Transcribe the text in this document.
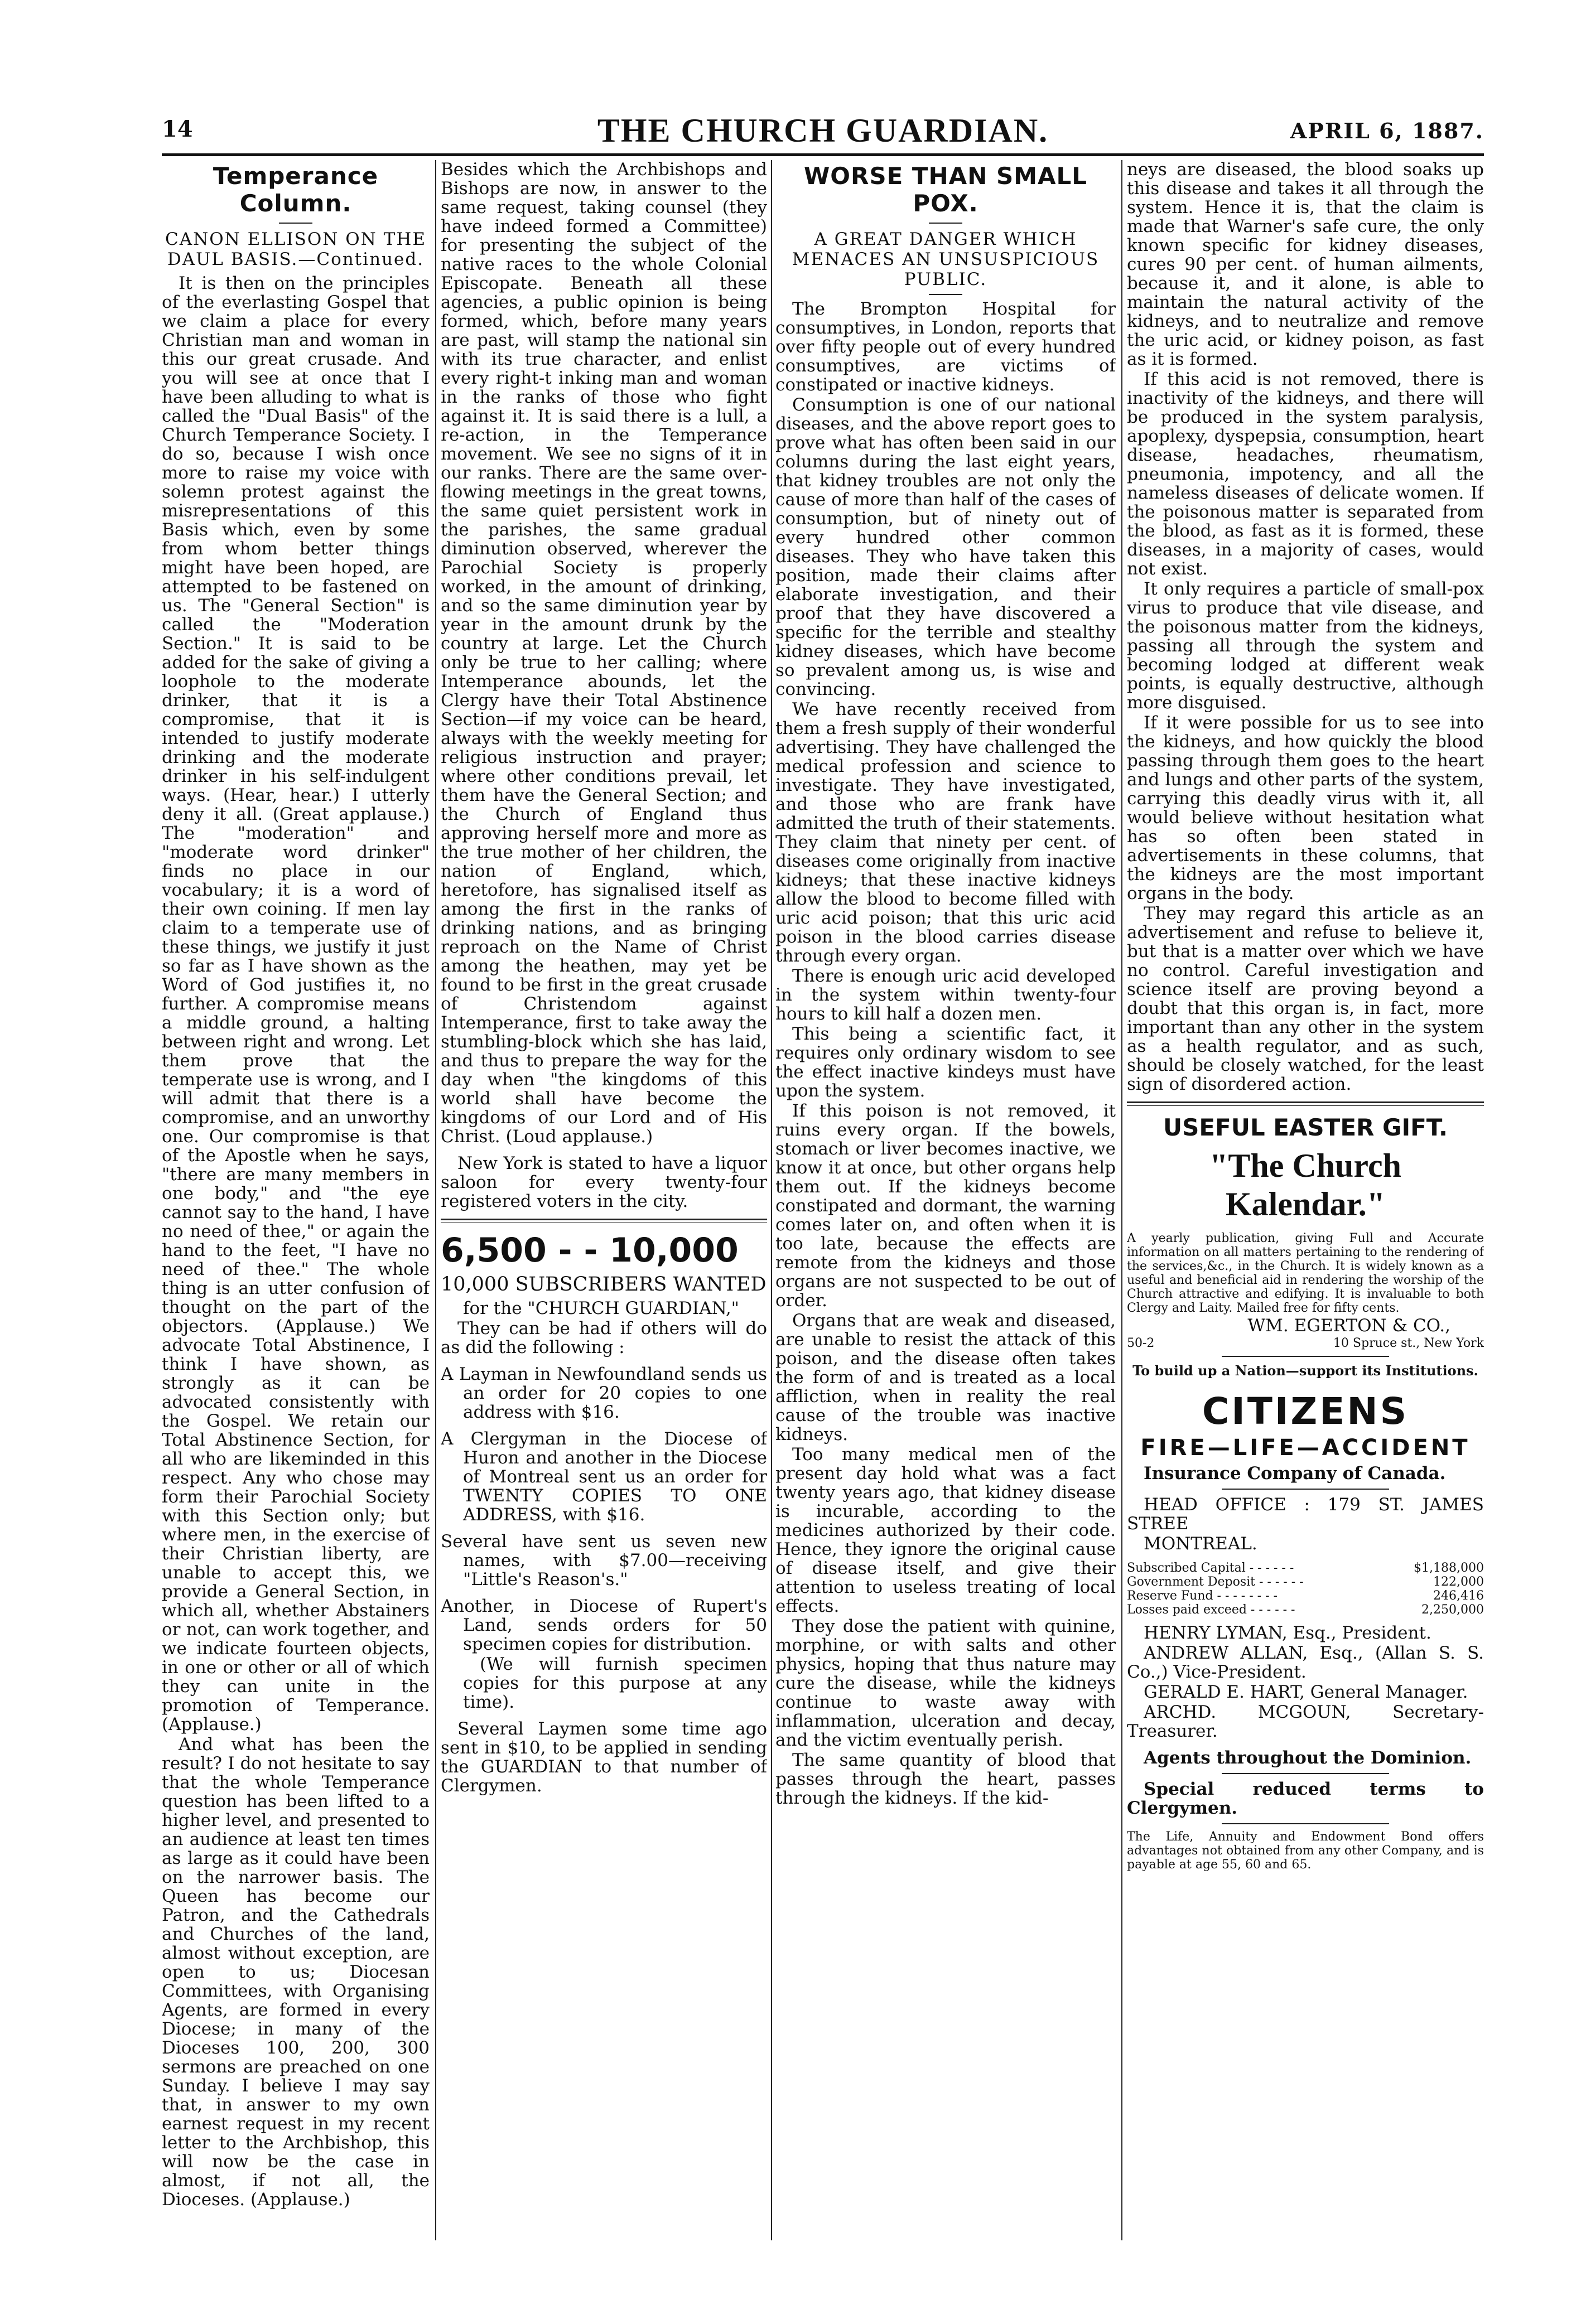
14	THE CHURCH GUARDIAN.	APRIL 6, 1887.
Temperance Column.
CANON ELLISON ON THE DAUL BASIS.—Continued.

It is then on the principles of the everlasting Gospel that we claim a place for every Christian man and woman in this our great crusade. And you will see at once that I have been alluding to what is called the "Dual Basis" of the Church Temperance Society. I do so, because I wish once more to raise my voice with solemn protest against the misrepresentations of this Basis which, even by some from whom better things might have been hoped, are attempted to be fastened on us. The "General Section" is called the "Moderation Section." It is said to be added for the sake of giving a loophole to the moderate drinker, that it is a compromise, that it is intended to justify moderate drinking and the moderate drinker in his self-indulgent ways. (Hear, hear.) I utterly deny it all. (Great applause.) The "moderation" and "moderate word drinker" finds no place in our vocabulary; it is a word of their own coining. If men lay claim to a temperate use of these things, we justify it just so far as I have shown as the Word of God justifies it, no further. A compromise means a middle ground, a halting between right and wrong. Let them prove that the temperate use is wrong, and I will admit that there is a compromise, and an unworthy one. Our compromise is that of the Apostle when he says, "there are many members in one body," and "the eye cannot say to the hand, I have no need of thee," or again the hand to the feet, "I have no need of thee." The whole thing is an utter confusion of thought on the part of the objectors. (Applause.) We advocate Total Abstinence, I think I have shown, as strongly as it can be advocated consistently with the Gospel. We retain our Total Abstinence Section, for all who are likeminded in this respect. Any who chose may form their Parochial Society with this Section only; but where men, in the exercise of their Christian liberty, are unable to accept this, we provide a General Section, in which all, whether Abstainers or not, can work together, and we indicate fourteen objects, in one or other or all of which they can unite in the promotion of Temperance. (Applause.)

And what has been the result? I do not hesitate to say that the whole Temperance question has been lifted to a higher level, and presented to an audience at least ten times as large as it could have been on the narrower basis. The Queen has become our Patron, and the Cathedrals and Churches of the land, almost without exception, are open to us; Diocesan Committees, with Organising Agents, are formed in every Diocese; in many of the Dioceses 100, 200, 300 sermons are preached on one Sunday. I believe I may say that, in answer to my own earnest request in my recent letter to the Archbishop, this will now be the case in almost, if not all, the Dioceses. (Applause.)

Besides which the Archbishops and Bishops are now, in answer to the same request, taking counsel (they have indeed formed a Committee) for presenting the subject of the native races to the whole Colonial Episcopate. Beneath all these agencies, a public opinion is being formed, which, before many years are past, will stamp the national sin with its true character, and enlist every right-t inking man and woman in the ranks of those who fight against it. It is said there is a lull, a re-action, in the Temperance movement. We see no signs of it in our ranks. There are the same over-flowing meetings in the great towns, the same quiet persistent work in the parishes, the same gradual diminution observed, wherever the Parochial Society is properly worked, in the amount of drinking, and so the same diminution year by year in the amount drunk by the country at large. Let the Church only be true to her calling; where Intemperance abounds, let the Clergy have their Total Abstinence Section—if my voice can be heard, always with the weekly meeting for religious instruction and prayer; where other conditions prevail, let them have the General Section; and the Church of England thus approving herself more and more as the true mother of her children, the nation of England, which, heretofore, has signalised itself as among the first in the ranks of drinking nations, and as bringing reproach on the Name of Christ among the heathen, may yet be found to be first in the great crusade of Christendom against Intemperance, first to take away the stumbling-block which she has laid, and thus to prepare the way for the day when "the kingdoms of this world shall have become the kingdoms of our Lord and of His Christ. (Loud applause.)

New York is stated to have a liquor saloon for every twenty-four registered voters in the city.

6,500 - - 10,000
10,000 SUBSCRIBERS WANTED

for the "CHURCH GUARDIAN,"

They can be had if others will do as did the following :

A Layman in Newfoundland sends us an order for 20 copies to one address with $16.

A Clergyman in the Diocese of Huron and another in the Diocese of Montreal sent us an order for TWENTY COPIES TO ONE ADDRESS, with $16.

Several have sent us seven new names, with $7.00—receiving "Little's Reason's."

Another, in Diocese of Rupert's Land, sends orders for 50 specimen copies for distribution.

(We will furnish specimen copies for this purpose at any time).

Several Laymen some time ago sent in $10, to be applied in sending the GUARDIAN to that number of Clergymen.

WORSE THAN SMALL POX.
A GREAT DANGER WHICH MENACES AN UNSUSPICIOUS PUBLIC.

The Brompton Hospital for consumptives, in London, reports that over fifty people out of every hundred consumptives, are victims of constipated or inactive kidneys.

Consumption is one of our national diseases, and the above report goes to prove what has often been said in our columns during the last eight years, that kidney troubles are not only the cause of more than half of the cases of consumption, but of ninety out of every hundred other common diseases. They who have taken this position, made their claims after elaborate investigation, and their proof that they have discovered a specific for the terrible and stealthy kidney diseases, which have become so prevalent among us, is wise and convincing.

We have recently received from them a fresh supply of their wonderful advertising. They have challenged the medical profession and science to investigate. They have investigated, and those who are frank have admitted the truth of their statements. They claim that ninety per cent. of diseases come originally from inactive kidneys; that these inactive kidneys allow the blood to become filled with uric acid poison; that this uric acid poison in the blood carries disease through every organ.

There is enough uric acid developed in the system within twenty-four hours to kill half a dozen men.

This being a scientific fact, it requires only ordinary wisdom to see the effect inactive kindeys must have upon the system.

If this poison is not removed, it ruins every organ. If the bowels, stomach or liver becomes inactive, we know it at once, but other organs help them out. If the kidneys become constipated and dormant, the warning comes later on, and often when it is too late, because the effects are remote from the kidneys and those organs are not suspected to be out of order.

Organs that are weak and diseased, are unable to resist the attack of this poison, and the disease often takes the form of and is treated as a local affliction, when in reality the real cause of the trouble was inactive kidneys.

Too many medical men of the present day hold what was a fact twenty years ago, that kidney disease is incurable, according to the medicines authorized by their code. Hence, they ignore the original cause of disease itself, and give their attention to useless treating of local effects.

They dose the patient with quinine, morphine, or with salts and other physics, hoping that thus nature may cure the disease, while the kidneys continue to waste away with inflammation, ulceration and decay, and the victim eventually perish.

The same quantity of blood that passes through the heart, passes through the kidneys. If the kid-

neys are diseased, the blood soaks up this disease and takes it all through the system. Hence it is, that the claim is made that Warner's safe cure, the only known specific for kidney diseases, cures 90 per cent. of human ailments, because it, and it alone, is able to maintain the natural activity of the kidneys, and to neutralize and remove the uric acid, or kidney poison, as fast as it is formed.

If this acid is not removed, there is inactivity of the kidneys, and there will be produced in the system paralysis, apoplexy, dyspepsia, consumption, heart disease, headaches, rheumatism, pneumonia, impotency, and all the nameless diseases of delicate women. If the poisonous matter is separated from the blood, as fast as it is formed, these diseases, in a majority of cases, would not exist.

It only requires a particle of small-pox virus to produce that vile disease, and the poisonous matter from the kidneys, passing all through the system and becoming lodged at different weak points, is equally destructive, although more disguised.

If it were possible for us to see into the kidneys, and how quickly the blood passing through them goes to the heart and lungs and other parts of the system, carrying this deadly virus with it, all would believe without hesitation what has so often been stated in advertisements in these columns, that the kidneys are the most important organs in the body.

They may regard this article as an advertisement and refuse to believe it, but that is a matter over which we have no control. Careful investigation and science itself are proving beyond a doubt that this organ is, in fact, more important than any other in the system as a health regulator, and as such, should be closely watched, for the least sign of disordered action.

USEFUL EASTER GIFT.
"The Church Kalendar."

A yearly publication, giving Full and Accurate information on all matters pertaining to the rendering of the services,&c., in the Church. It is widely known as a useful and beneficial aid in rendering the worship of the Church attractive and edifying. It is invaluable to both Clergy and Laity. Mailed free for fifty cents.

WM. EGERTON & CO.,

50-2	10 Spruce st., New York
To build up a Nation—support its Institutions.
CITIZENS
FIRE—LIFE—ACCIDENT

Insurance Company of Canada.

HEAD OFFICE : 179 ST. JAMES STREE

MONTREAL.

Subscribed Capital - - - - - -	$1,188,000
Government Deposit - - - - - -	122,000
Reserve Fund - - - - - - - -	246,416
Losses paid exceed - - - - - -	2,250,000

HENRY LYMAN, Esq., President.

ANDREW ALLAN, Esq., (Allan S. S. Co.,) Vice-President.

GERALD E. HART, General Manager.

ARCHD. MCGOUN, Secretary-Treasurer.

Agents throughout the Dominion.

Special reduced terms to Clergymen.

The Life, Annuity and Endowment Bond offers advantages not obtained from any other Company, and is payable at age 55, 60 and 65.
